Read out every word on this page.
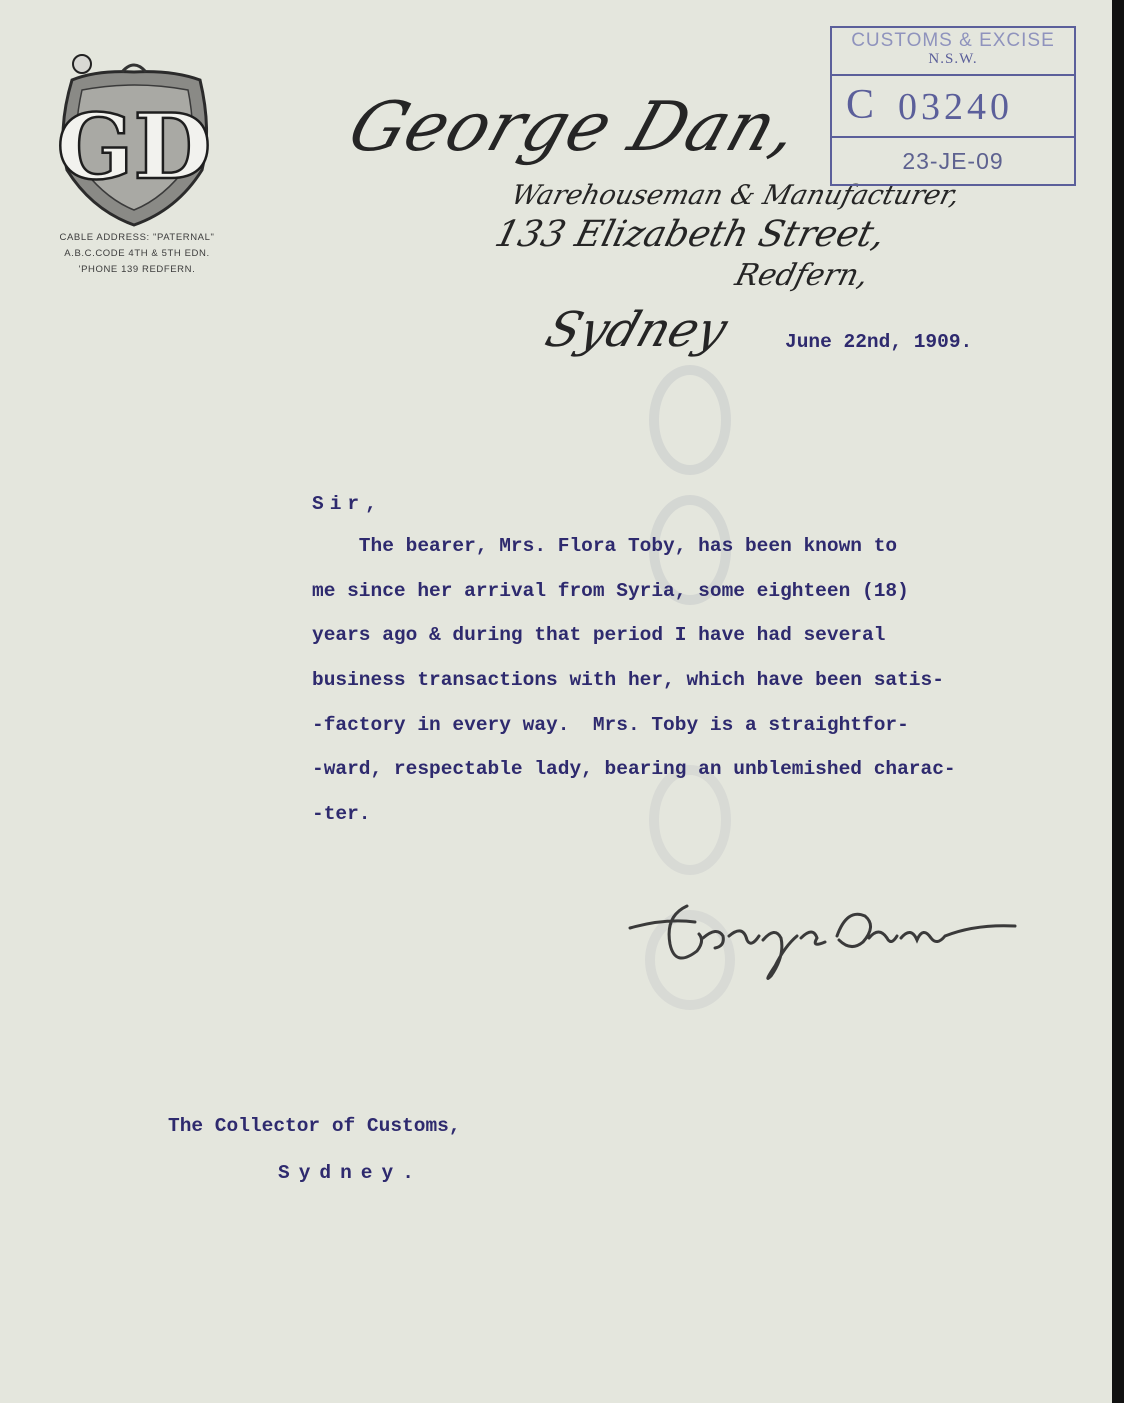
GD
CABLE ADDRESS: "PATERNAL"
A.B.C.CODE 4TH & 5TH EDN.
'PHONE 139 REDFERN.
George Dan,
Warehouseman & Manufacturer,
133 Elizabeth Street,
Redfern,
Sydney
CUSTOMS & EXCISE
N.S.W.
C 03240
23-JE-09
June 22nd, 1909.
Sir,
The bearer, Mrs. Flora Toby, has been known to
me since her arrival from Syria, some eighteen (18)
years ago & during that period I have had several
business transactions with her, which have been satis-
-factory in every way.  Mrs. Toby is a straightfor-
-ward, respectable lady, bearing an unblemished charac-
-ter.
The Collector of Customs,
Sydney.
